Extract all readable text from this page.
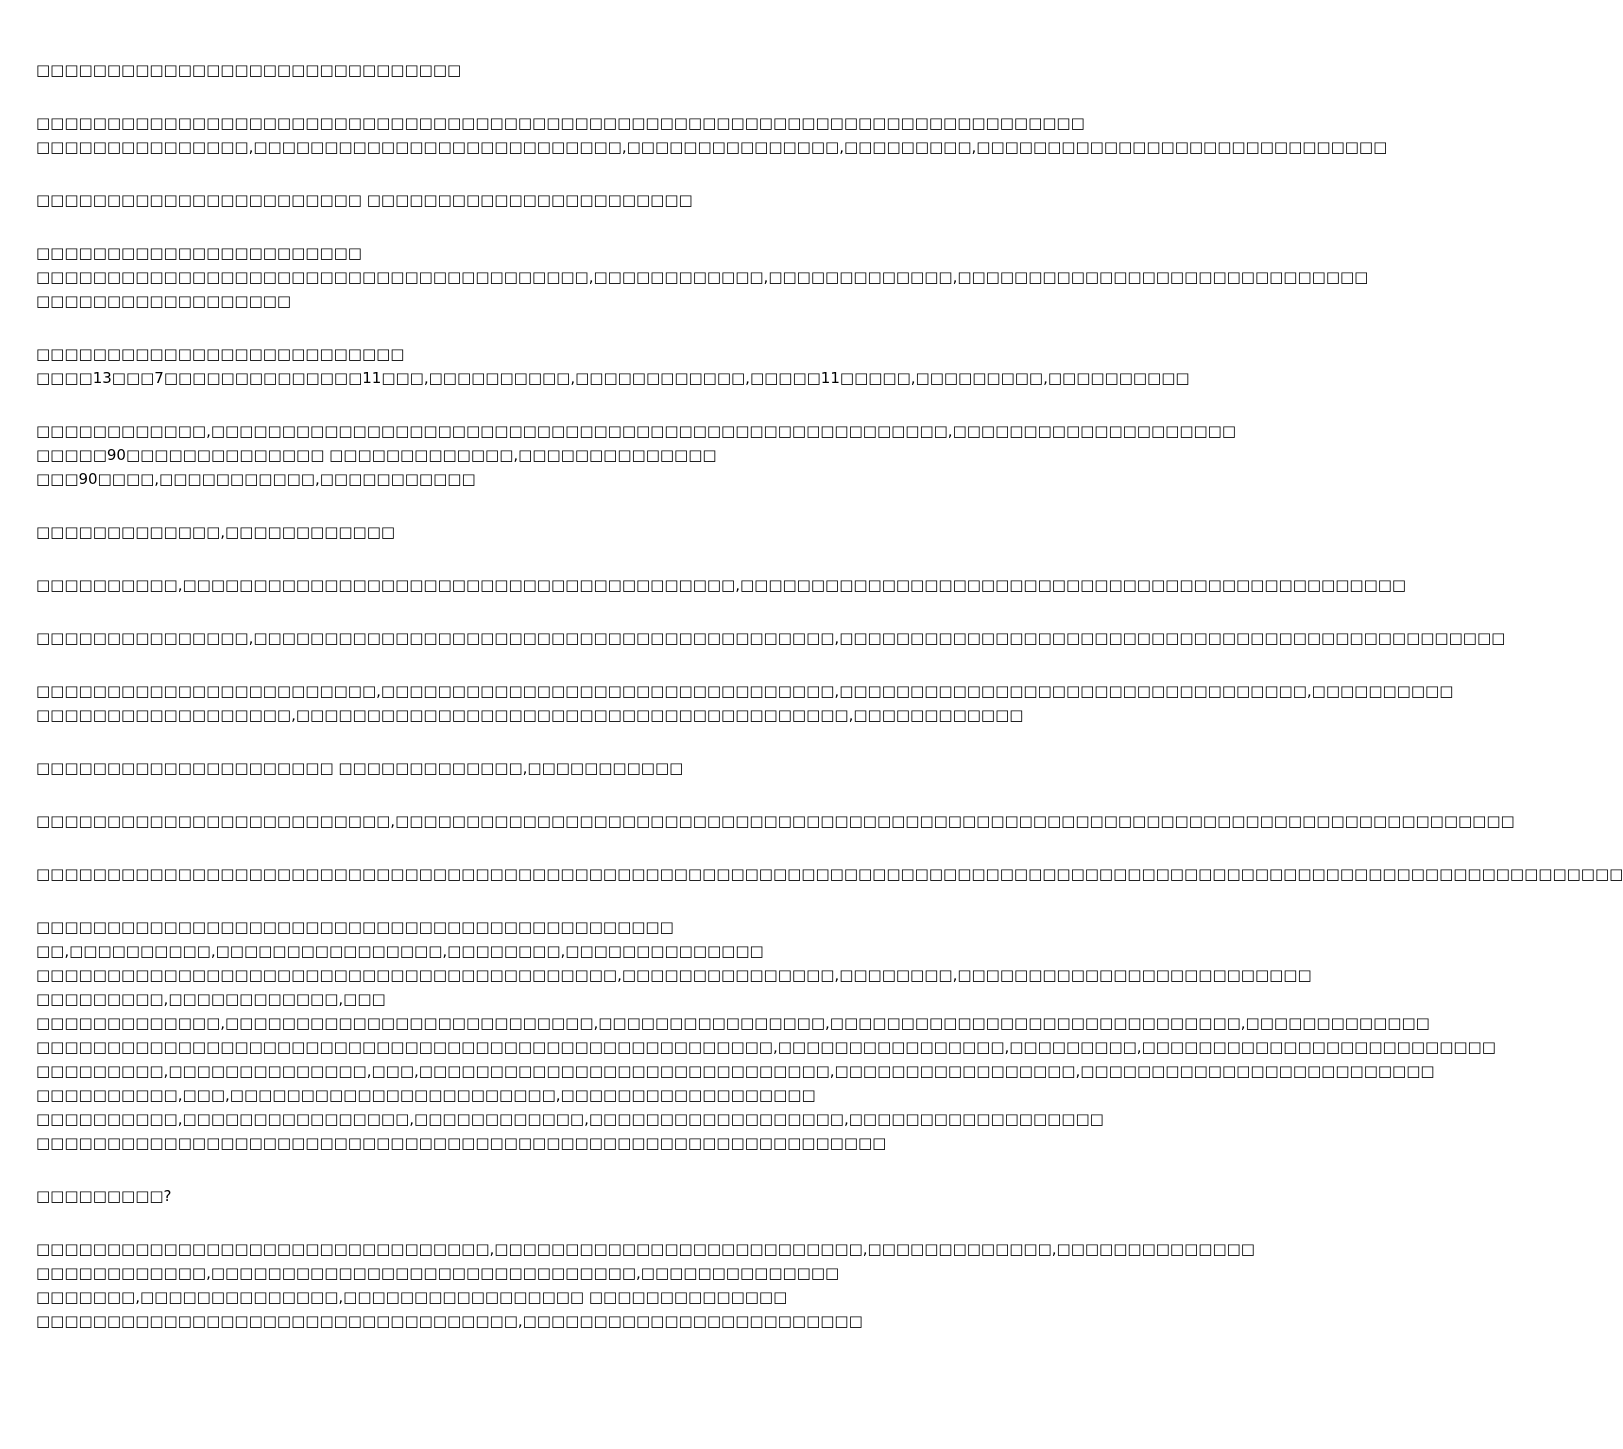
□□□□□□□□□□□□□□□□□□□□□□□□□□□□□□
□□□□□□□□□□□□□□□□□□□□□□□□□□□□□□□□□□□□□□□□□□□□□□□□□□□□□□□□□□□□□□□□□□□□□□□□□□
□□□□□□□□□□□□□□□,□□□□□□□□□□□□□□□□□□□□□□□□□□,□□□□□□□□□□□□□□□,□□□□□□□□□,□□□□□□□□□□□□□□□□□□□□□□□□□□□□□
□□□□□□□□□□□□□□□□□□□□□□□ □□□□□□□□□□□□□□□□□□□□□□□
□□□□□□□□□□□□□□□□□□□□□□□
□□□□□□□□□□□□□□□□□□□□□□□□□□□□□□□□□□□□□□□,□□□□□□□□□□□□,□□□□□□□□□□□□□,□□□□□□□□□□□□□□□□□□□□□□□□□□□□□
□□□□□□□□□□□□□□□□□□
□□□□□□□□□□□□□□□□□□□□□□□□□□
□□□□13□□□7□□□□□□□□□□□□□□11□□□,□□□□□□□□□□,□□□□□□□□□□□□,□□□□□11□□□□□,□□□□□□□□□,□□□□□□□□□□
□□□□□□□□□□□□,□□□□□□□□□□□□□□□□□□□□□□□□□□□□□□□□□□□□□□□□□□□□□□□□□□□□,□□□□□□□□□□□□□□□□□□□□
□□□□□90□□□□□□□□□□□□□□ □□□□□□□□□□□□□,□□□□□□□□□□□□□□
□□□90□□□□,□□□□□□□□□□□,□□□□□□□□□□□
□□□□□□□□□□□□□,□□□□□□□□□□□□
□□□□□□□□□□,□□□□□□□□□□□□□□□□□□□□□□□□□□□□□□□□□□□□□□□,□□□□□□□□□□□□□□□□□□□□□□□□□□□□□□□□□□□□□□□□□□□□□□□
□□□□□□□□□□□□□□□,□□□□□□□□□□□□□□□□□□□□□□□□□□□□□□□□□□□□□□□□□,□□□□□□□□□□□□□□□□□□□□□□□□□□□□□□□□□□□□□□□□□□□□□□□
□□□□□□□□□□□□□□□□□□□□□□□□,□□□□□□□□□□□□□□□□□□□□□□□□□□□□□□□□,□□□□□□□□□□□□□□□□□□□□□□□□□□□□□□□□□,□□□□□□□□□□
□□□□□□□□□□□□□□□□□□,□□□□□□□□□□□□□□□□□□□□□□□□□□□□□□□□□□□□□□□,□□□□□□□□□□□□
□□□□□□□□□□□□□□□□□□□□□ □□□□□□□□□□□□□,□□□□□□□□□□□
□□□□□□□□□□□□□□□□□□□□□□□□□,□□□□□□□□□□□□□□□□□□□□□□□□□□□□□□□□□□□□□□□□□□□□□□□□□□□□□□□□□□□□□□□□□□□□□□□□□□□□□□□
□□□□□□□□□□□□□□□□□□□□□□□□□□□□□□□□□□□□□□□□□□□□□□□□□□□□□□□□□□□□□□□□□□□□□□□□□□□□□□□□□□□□□□□□□□□□□□□□□□□□□□□□□□□□□□□□
□□□□□□□□□□□□□□□□□□□□□□□□□□□□□□□□□□□□□□□□□□□□□
□□,□□□□□□□□□□,□□□□□□□□□□□□□□□□,□□□□□□□□,□□□□□□□□□□□□□□
□□□□□□□□□□□□□□□□□□□□□□□□□□□□□□□□□□□□□□□□□,□□□□□□□□□□□□□□□,□□□□□□□□,□□□□□□□□□□□□□□□□□□□□□□□□□
□□□□□□□□□,□□□□□□□□□□□□,□□□
□□□□□□□□□□□□□,□□□□□□□□□□□□□□□□□□□□□□□□□□,□□□□□□□□□□□□□□□□,□□□□□□□□□□□□□□□□□□□□□□□□□□□□□,□□□□□□□□□□□□□
□□□□□□□□□□□□□□□□□□□□□□□□□□□□□□□□□□□□□□□□□□□□□□□□□□□□,□□□□□□□□□□□□□□□□,□□□□□□□□□,□□□□□□□□□□□□□□□□□□□□□□□□□
□□□□□□□□□,□□□□□□□□□□□□□□,□□□,□□□□□□□□□□□□□□□□□□□□□□□□□□□□□,□□□□□□□□□□□□□□□□□,□□□□□□□□□□□□□□□□□□□□□□□□□
□□□□□□□□□□,□□□,□□□□□□□□□□□□□□□□□□□□□□□,□□□□□□□□□□□□□□□□□□
□□□□□□□□□□,□□□□□□□□□□□□□□□□,□□□□□□□□□□□□,□□□□□□□□□□□□□□□□□□,□□□□□□□□□□□□□□□□□□
□□□□□□□□□□□□□□□□□□□□□□□□□□□□□□□□□□□□□□□□□□□□□□□□□□□□□□□□□□□□
□□□□□□□□□?
□□□□□□□□□□□□□□□□□□□□□□□□□□□□□□□□,□□□□□□□□□□□□□□□□□□□□□□□□□□,□□□□□□□□□□□□□,□□□□□□□□□□□□□□
□□□□□□□□□□□□,□□□□□□□□□□□□□□□□□□□□□□□□□□□□□□,□□□□□□□□□□□□□□
□□□□□□□,□□□□□□□□□□□□□□,□□□□□□□□□□□□□□□□□ □□□□□□□□□□□□□□
□□□□□□□□□□□□□□□□□□□□□□□□□□□□□□□□□□,□□□□□□□□□□□□□□□□□□□□□□□□
